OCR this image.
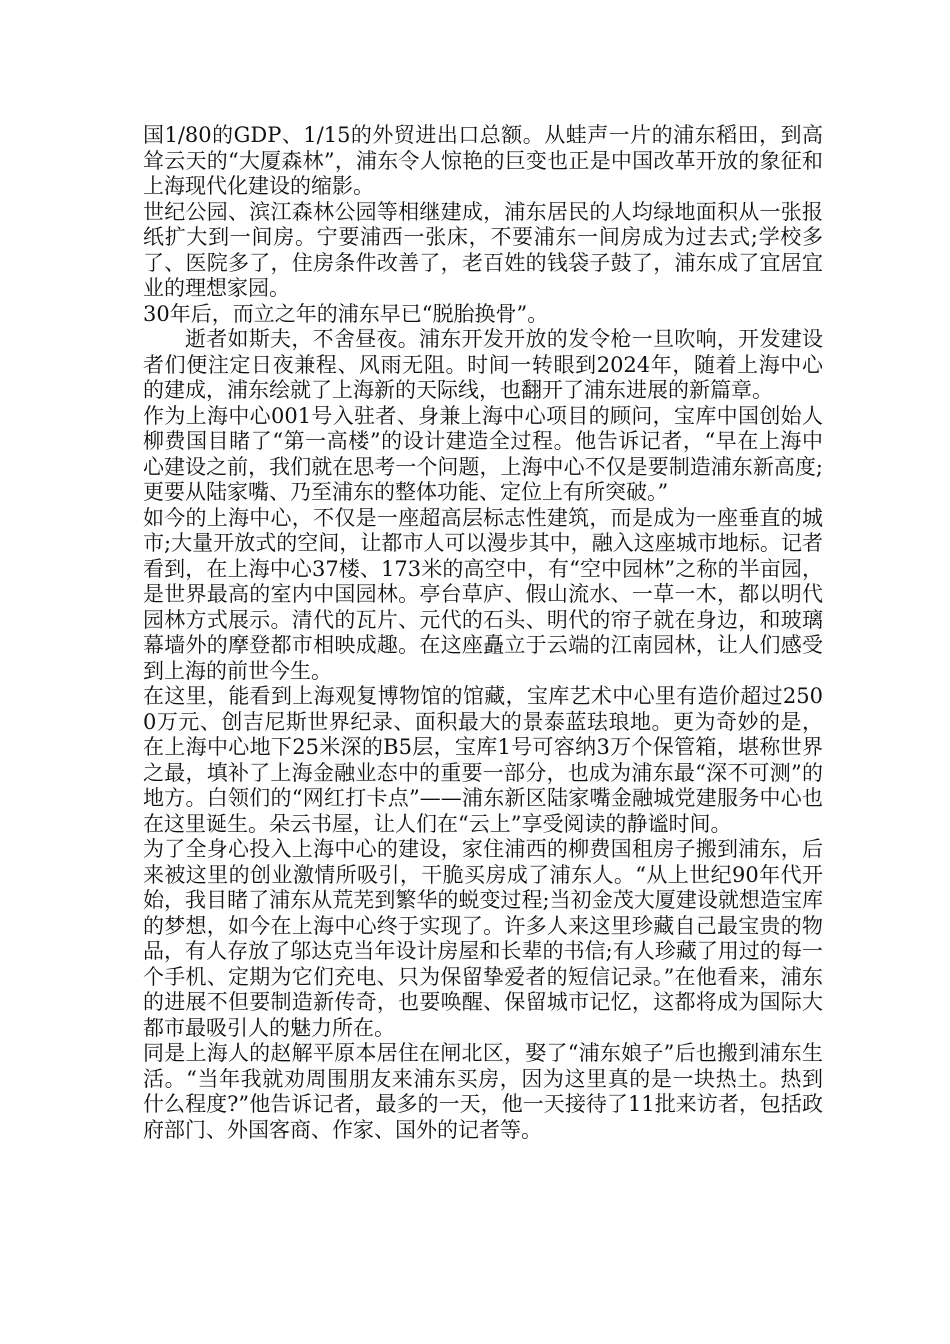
国1/80的GDP、1/15的外贸进出口总额。从蛙声一片的浦东稻田，到高耸云天的“大厦森林”，浦东令人惊艳的巨变也正是中国改革开放的象征和上海现代化建设的缩影。

世纪公园、滨江森林公园等相继建成，浦东居民的人均绿地面积从一张报纸扩大到一间房。宁要浦西一张床，不要浦东一间房成为过去式;学校多了、医院多了，住房条件改善了，老百姓的钱袋子鼓了，浦东成了宜居宜业的理想家园。

30年后，而立之年的浦东早已“脱胎换骨”。

逝者如斯夫，不舍昼夜。浦东开发开放的发令枪一旦吹响，开发建设者们便注定日夜兼程、风雨无阻。时间一转眼到2024年，随着上海中心的建成，浦东绘就了上海新的天际线，也翻开了浦东进展的新篇章。

作为上海中心001号入驻者、身兼上海中心项目的顾问，宝库中国创始人柳费国目睹了“第一高楼”的设计建造全过程。他告诉记者，“早在上海中心建设之前，我们就在思考一个问题，上海中心不仅是要制造浦东新高度;更要从陆家嘴、乃至浦东的整体功能、定位上有所突破。”

如今的上海中心，不仅是一座超高层标志性建筑，而是成为一座垂直的城市;大量开放式的空间，让都市人可以漫步其中，融入这座城市地标。记者看到，在上海中心37楼、173米的高空中，有“空中园林”之称的半亩园，是世界最高的室内中国园林。亭台草庐、假山流水、一草一木，都以明代园林方式展示。清代的瓦片、元代的石头、明代的帘子就在身边，和玻璃幕墙外的摩登都市相映成趣。在这座矗立于云端的江南园林，让人们感受到上海的前世今生。

在这里，能看到上海观复博物馆的馆藏，宝库艺术中心里有造价超过2500万元、创吉尼斯世界纪录、面积最大的景泰蓝珐琅地。更为奇妙的是，在上海中心地下25米深的B5层，宝库1号可容纳3万个保管箱，堪称世界之最，填补了上海金融业态中的重要一部分，也成为浦东最“深不可测”的地方。白领们的“网红打卡点”——浦东新区陆家嘴金融城党建服务中心也在这里诞生。朵云书屋，让人们在“云上”享受阅读的静谧时间。

为了全身心投入上海中心的建设，家住浦西的柳费国租房子搬到浦东，后来被这里的创业激情所吸引，干脆买房成了浦东人。“从上世纪90年代开始，我目睹了浦东从荒芜到繁华的蜕变过程;当初金茂大厦建设就想造宝库的梦想，如今在上海中心终于实现了。许多人来这里珍藏自己最宝贵的物品，有人存放了邬达克当年设计房屋和长辈的书信;有人珍藏了用过的每一个手机、定期为它们充电、只为保留挚爱者的短信记录。”在他看来，浦东的进展不但要制造新传奇，也要唤醒、保留城市记忆，这都将成为国际大都市最吸引人的魅力所在。

同是上海人的赵解平原本居住在闸北区，娶了“浦东娘子”后也搬到浦东生活。“当年我就劝周围朋友来浦东买房，因为这里真的是一块热土。热到什么程度?”他告诉记者，最多的一天，他一天接待了11批来访者，包括政府部门、外国客商、作家、国外的记者等。
